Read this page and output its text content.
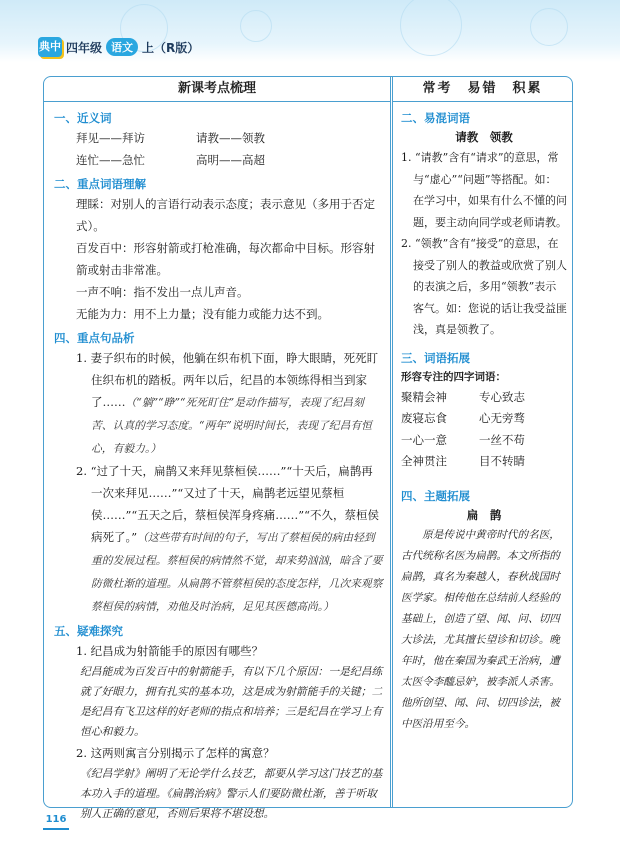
典中 四年级 语文 上（R版）
新课考点梳理	常考　易错　积累
一、近义词
拜见——拜访	请教——领教
连忙——急忙	高明——高超
二、重点词语理解
理睬：对别人的言语行动表示态度；表示意见（多用于否定式）。
百发百中：形容射箭或打枪准确，每次都命中目标。形容射箭或射击非常准。
一声不响：指不发出一点儿声音。
无能为力：用不上力量；没有能力或能力达不到。
四、重点句品析
1. 妻子织布的时候，他躺在织布机下面，睁大眼睛，死死盯住织布机的踏板。两年以后，纪昌的本领练得相当到家了……（“躺”“睁”“死死盯住”是动作描写，表现了纪昌刻苦、认真的学习态度。“两年”说明时间长，表现了纪昌有恒心，有毅力。）
2. “过了十天，扁鹊又来拜见蔡桓侯……”“十天后，扁鹊再一次来拜见……”“又过了十天，扁鹊老远望见蔡桓侯……”“五天之后，蔡桓侯浑身疼痛……”“不久，蔡桓侯病死了。”（这些带有时间的句子，写出了蔡桓侯的病由轻到重的发展过程。蔡桓侯的病情然不觉，却来势汹汹，暗含了要防微杜渐的道理。从扁鹊不管蔡桓侯的态度怎样，几次来观察蔡桓侯的病情，劝他及时治病，足见其医德高尚。）
五、疑难探究
1. 纪昌成为射箭能手的原因有哪些？
纪昌能成为百发百中的射箭能手，有以下几个原因：一是纪昌练就了好眼力，拥有扎实的基本功，这是成为射箭能手的关键；二是纪昌有飞卫这样的好老师的指点和培养；三是纪昌在学习上有恒心和毅力。
2. 这两则寓言分别揭示了怎样的寓意？
《纪昌学射》阐明了无论学什么技艺，都要从学习这门技艺的基本功入手的道理。《扁鹊治病》警示人们要防微杜渐，善于听取别人正确的意见，否则后果将不堪设想。
二、易混词语
请教　领教
1. “请教”含有“请求”的意思，常与“虚心”“问题”等搭配。如：在学习中，如果有什么不懂的问题，要主动向同学或老师请教。
2. “领教”含有“接受”的意思，在接受了别人的教益或欣赏了别人的表演之后，多用“领教”表示客气。如：您说的话让我受益匪浅，真是领教了。
三、词语拓展
形容专注的四字词语：
聚精会神	专心致志
废寝忘食	心无旁骛
一心一意	一丝不苟
全神贯注	目不转睛
四、主题拓展
扁　鹊
原是传说中黄帝时代的名医，古代统称名医为扁鹊。本文所指的扁鹊，真名为秦越人，春秋战国时医学家。相传他在总结前人经验的基础上，创造了望、闻、问、切四大诊法，尤其擅长望诊和切诊。晚年时，他在秦国为秦武王治病，遭太医令李醯忌妒，被李派人杀害。他所创望、闻、问、切四诊法，被中医沿用至今。
116
